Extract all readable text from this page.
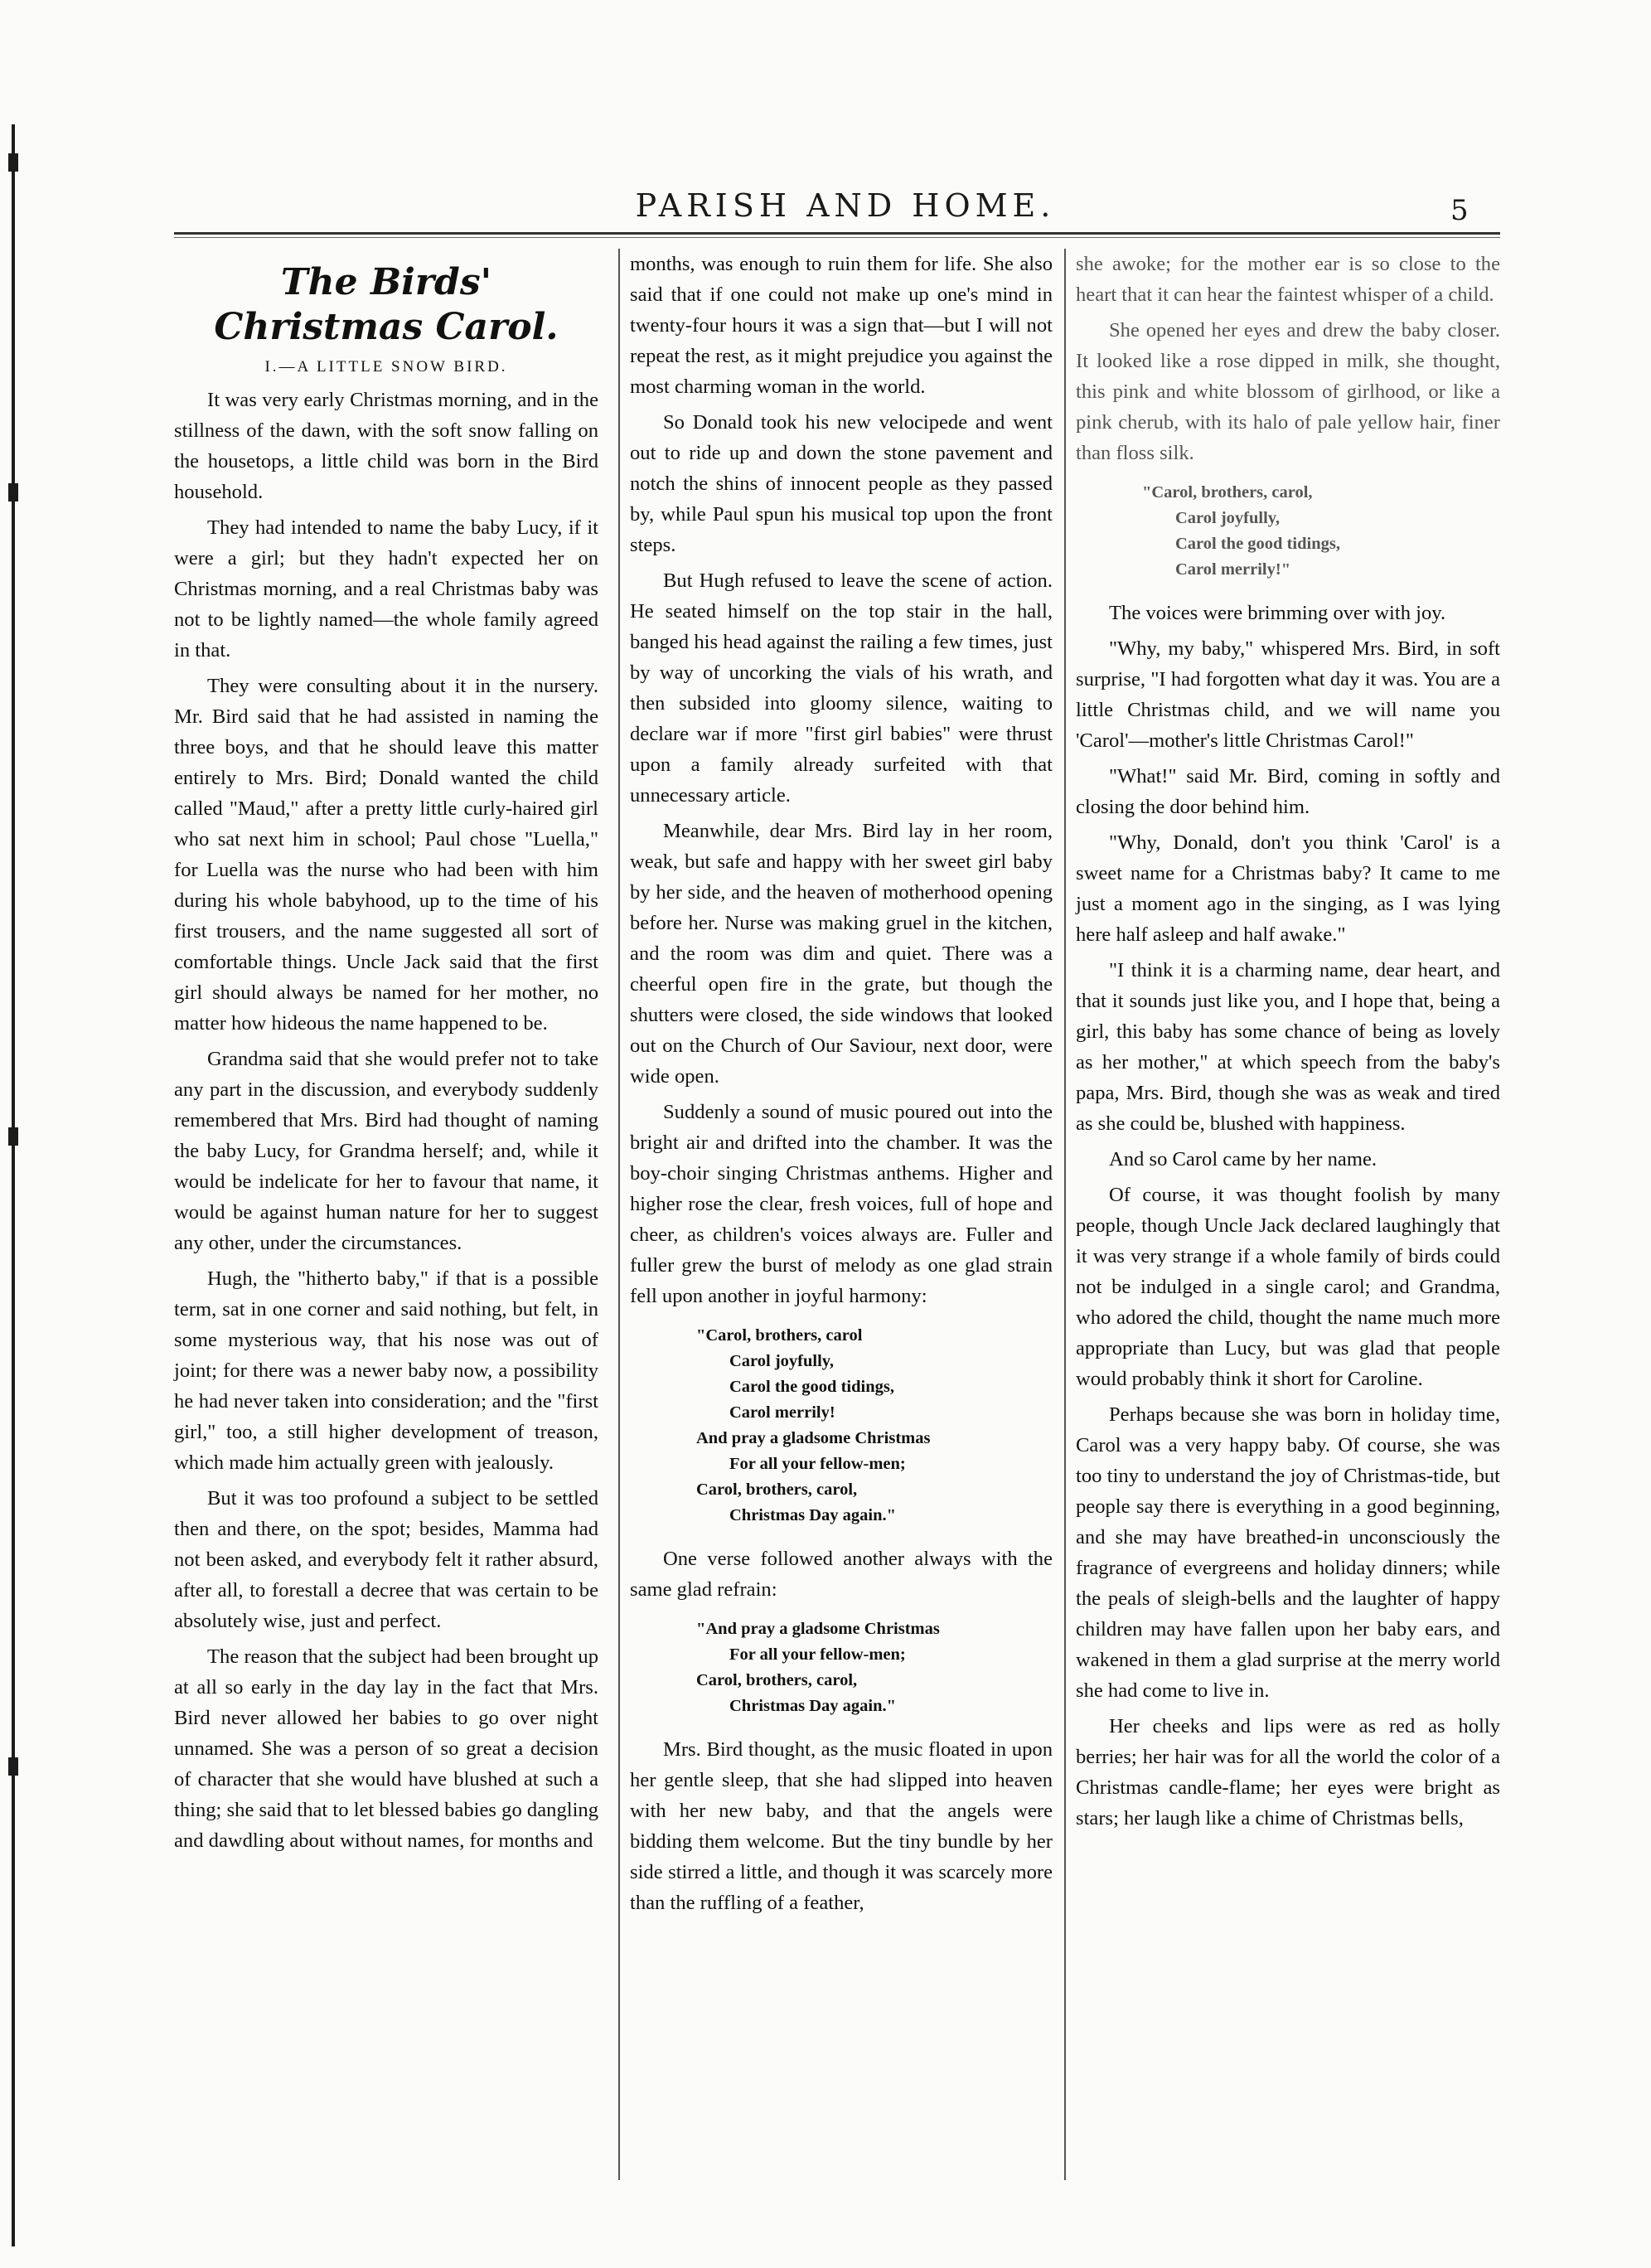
PARISH AND HOME.	5
The Birds' Christmas Carol.
I.—A LITTLE SNOW BIRD.

It was very early Christmas morning, and in the stillness of the dawn, with the soft snow falling on the housetops, a little child was born in the Bird household.

They had intended to name the baby Lucy, if it were a girl; but they hadn't expected her on Christmas morning, and a real Christmas baby was not to be lightly named—the whole family agreed in that.

They were consulting about it in the nursery. Mr. Bird said that he had assisted in naming the three boys, and that he should leave this matter entirely to Mrs. Bird; Donald wanted the child called "Maud," after a pretty little curly-haired girl who sat next him in school; Paul chose "Luella," for Luella was the nurse who had been with him during his whole babyhood, up to the time of his first trousers, and the name suggested all sort of comfortable things. Uncle Jack said that the first girl should always be named for her mother, no matter how hideous the name happened to be.

Grandma said that she would prefer not to take any part in the discussion, and everybody suddenly remembered that Mrs. Bird had thought of naming the baby Lucy, for Grandma herself; and, while it would be indelicate for her to favour that name, it would be against human nature for her to suggest any other, under the circumstances.

Hugh, the "hitherto baby," if that is a possible term, sat in one corner and said nothing, but felt, in some mysterious way, that his nose was out of joint; for there was a newer baby now, a possibility he had never taken into consideration; and the "first girl," too, a still higher development of treason, which made him actually green with jealously.

But it was too profound a subject to be settled then and there, on the spot; besides, Mamma had not been asked, and everybody felt it rather absurd, after all, to forestall a decree that was certain to be absolutely wise, just and perfect.

The reason that the subject had been brought up at all so early in the day lay in the fact that Mrs. Bird never allowed her babies to go over night unnamed. She was a person of so great a decision of character that she would have blushed at such a thing; she said that to let blessed babies go dangling and dawdling about without names, for months and

months, was enough to ruin them for life. She also said that if one could not make up one's mind in twenty-four hours it was a sign that—but I will not repeat the rest, as it might prejudice you against the most charming woman in the world.

So Donald took his new velocipede and went out to ride up and down the stone pavement and notch the shins of innocent people as they passed by, while Paul spun his musical top upon the front steps.

But Hugh refused to leave the scene of action. He seated himself on the top stair in the hall, banged his head against the railing a few times, just by way of uncorking the vials of his wrath, and then subsided into gloomy silence, waiting to declare war if more "first girl babies" were thrust upon a family already surfeited with that unnecessary article.

Meanwhile, dear Mrs. Bird lay in her room, weak, but safe and happy with her sweet girl baby by her side, and the heaven of motherhood opening before her. Nurse was making gruel in the kitchen, and the room was dim and quiet. There was a cheerful open fire in the grate, but though the shutters were closed, the side windows that looked out on the Church of Our Saviour, next door, were wide open.

Suddenly a sound of music poured out into the bright air and drifted into the chamber. It was the boy-choir singing Christmas anthems. Higher and higher rose the clear, fresh voices, full of hope and cheer, as children's voices always are. Fuller and fuller grew the burst of melody as one glad strain fell upon another in joyful harmony:

"Carol, brothers, carol
Carol joyfully,
Carol the good tidings,
Carol merrily!
And pray a gladsome Christmas
For all your fellow-men;
Carol, brothers, carol,
Christmas Day again."

One verse followed another always with the same glad refrain:

"And pray a gladsome Christmas
For all your fellow-men;
Carol, brothers, carol,
Christmas Day again."

Mrs. Bird thought, as the music floated in upon her gentle sleep, that she had slipped into heaven with her new baby, and that the angels were bidding them welcome. But the tiny bundle by her side stirred a little, and though it was scarcely more than the ruffling of a feather,

she awoke; for the mother ear is so close to the heart that it can hear the faintest whisper of a child.

She opened her eyes and drew the baby closer. It looked like a rose dipped in milk, she thought, this pink and white blossom of girlhood, or like a pink cherub, with its halo of pale yellow hair, finer than floss silk.

"Carol, brothers, carol,
Carol joyfully,
Carol the good tidings,
Carol merrily!"

The voices were brimming over with joy.

"Why, my baby," whispered Mrs. Bird, in soft surprise, "I had forgotten what day it was. You are a little Christmas child, and we will name you 'Carol'—mother's little Christmas Carol!"

"What!" said Mr. Bird, coming in softly and closing the door behind him.

"Why, Donald, don't you think 'Carol' is a sweet name for a Christmas baby? It came to me just a moment ago in the singing, as I was lying here half asleep and half awake."

"I think it is a charming name, dear heart, and that it sounds just like you, and I hope that, being a girl, this baby has some chance of being as lovely as her mother," at which speech from the baby's papa, Mrs. Bird, though she was as weak and tired as she could be, blushed with happiness.

And so Carol came by her name.

Of course, it was thought foolish by many people, though Uncle Jack declared laughingly that it was very strange if a whole family of birds could not be indulged in a single carol; and Grandma, who adored the child, thought the name much more appropriate than Lucy, but was glad that people would probably think it short for Caroline.

Perhaps because she was born in holiday time, Carol was a very happy baby. Of course, she was too tiny to understand the joy of Christmas-tide, but people say there is everything in a good beginning, and she may have breathed-in unconsciously the fragrance of evergreens and holiday dinners; while the peals of sleigh-bells and the laughter of happy children may have fallen upon her baby ears, and wakened in them a glad surprise at the merry world she had come to live in.

Her cheeks and lips were as red as holly berries; her hair was for all the world the color of a Christmas candle-flame; her eyes were bright as stars; her laugh like a chime of Christmas bells,
